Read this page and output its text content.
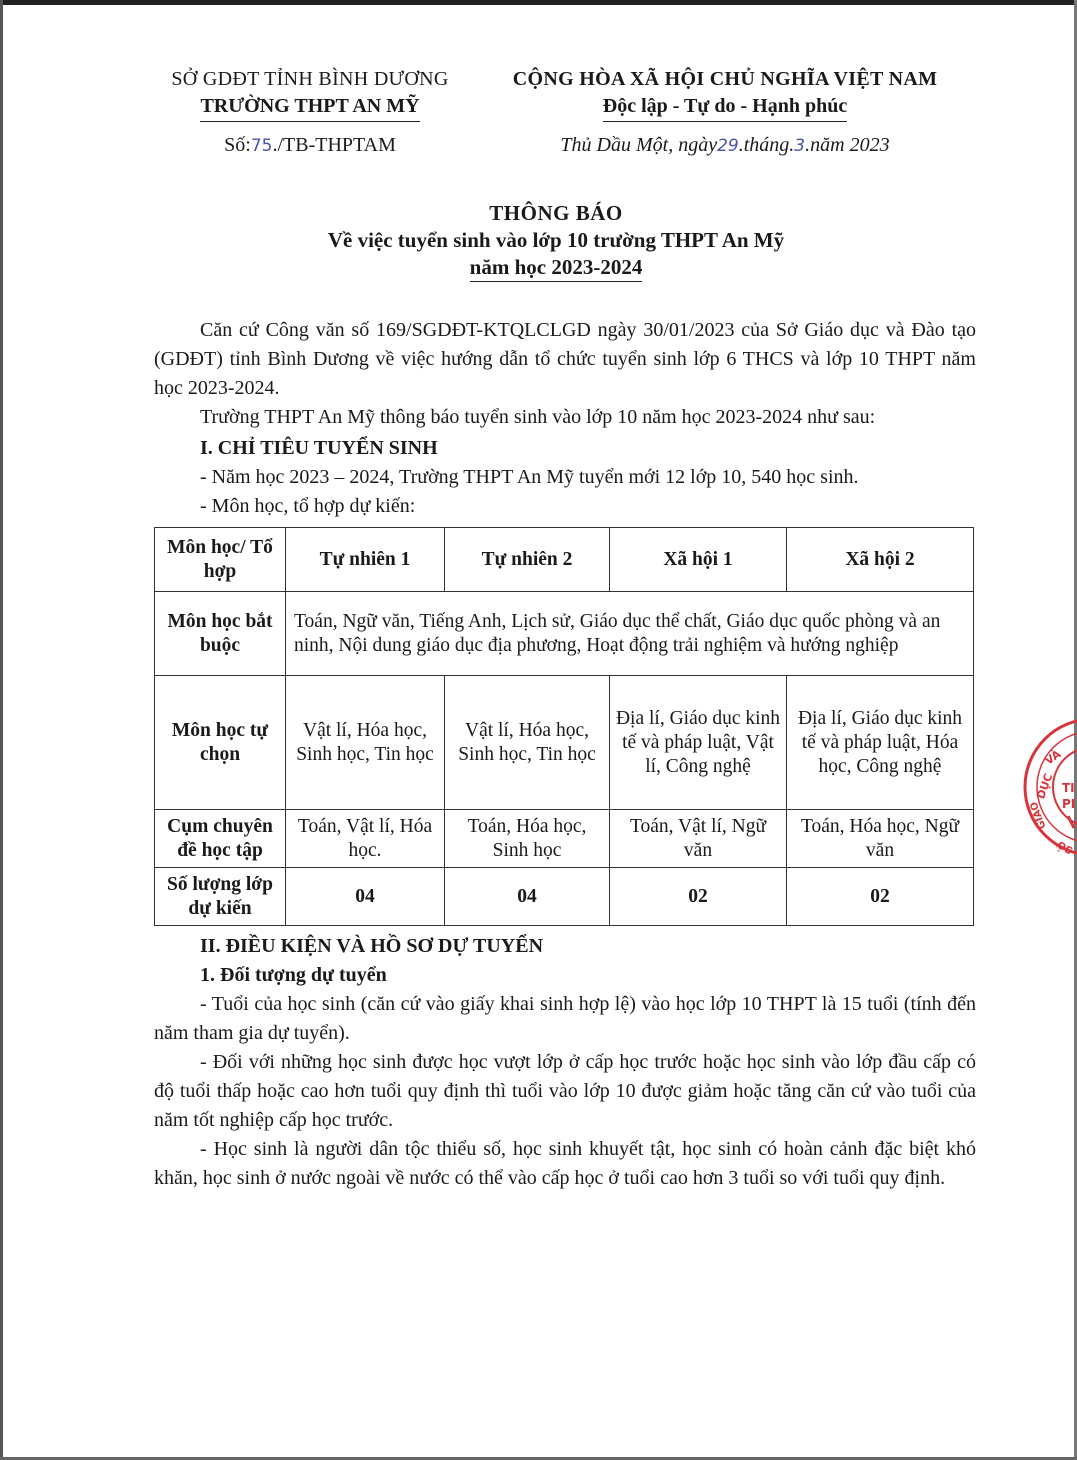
SỞ GDĐT TỈNH BÌNH DƯƠNG
TRƯỜNG THPT AN MỸ
Số:75./TB-THPTAM
CỘNG HÒA XÃ HỘI CHỦ NGHĨA VIỆT NAM
Độc lập - Tự do - Hạnh phúc
Thủ Dầu Một, ngày29.tháng.3.năm 2023
THÔNG BÁO
Về việc tuyển sinh vào lớp 10 trường THPT An Mỹ
năm học 2023-2024

Căn cứ Công văn số 169/SGDĐT-KTQLCLGD ngày 30/01/2023 của Sở Giáo dục và Đào tạo (GDĐT) tỉnh Bình Dương về việc hướng dẫn tổ chức tuyển sinh lớp 6 THCS và lớp 10 THPT năm học 2023-2024.

Trường THPT An Mỹ thông báo tuyển sinh vào lớp 10 năm học 2023-2024 như sau:

I. CHỈ TIÊU TUYỂN SINH

- Năm học 2023 – 2024, Trường THPT An Mỹ tuyển mới 12 lớp 10, 540 học sinh.

- Môn học, tổ hợp dự kiến:

Môn học/ Tổ hợp	Tự nhiên 1	Tự nhiên 2	Xã hội 1	Xã hội 2
Môn học bắt buộc	Toán, Ngữ văn, Tiếng Anh, Lịch sử, Giáo dục thể chất, Giáo dục quốc phòng và an ninh, Nội dung giáo dục địa phương, Hoạt động trải nghiệm và hướng nghiệp			
Môn học tự chọn	Vật lí, Hóa học, Sinh học, Tin học	Vật lí, Hóa học, Sinh học, Tin học	Địa lí, Giáo dục kinh tế và pháp luật, Vật lí, Công nghệ	Địa lí, Giáo dục kinh tế và pháp luật, Hóa học, Công nghệ
Cụm chuyên đề học tập	Toán, Vật lí, Hóa học.	Toán, Hóa học, Sinh học	Toán, Vật lí, Ngữ văn	Toán, Hóa học, Ngữ văn
Số lượng lớp dự kiến	04	04	02	02
II. ĐIỀU KIỆN VÀ HỒ SƠ DỰ TUYỂN
1. Đối tượng dự tuyển

- Tuổi của học sinh (căn cứ vào giấy khai sinh hợp lệ) vào học lớp 10 THPT là 15 tuổi (tính đến năm tham gia dự tuyển).

- Đối với những học sinh được học vượt lớp ở cấp học trước hoặc học sinh vào lớp đầu cấp có độ tuổi thấp hoặc cao hơn tuổi quy định thì tuổi vào lớp 10 được giảm hoặc tăng căn cứ vào tuổi của năm tốt nghiệp cấp học trước.

- Học sinh là người dân tộc thiểu số, học sinh khuyết tật, học sinh có hoàn cảnh đặc biệt khó khăn, học sinh ở nước ngoài về nước có thể vào cấp học ở tuổi cao hơn 3 tuổi so với tuổi quy định.

DỤC
VÀ
GIÁO
SỞ
TI
PI
